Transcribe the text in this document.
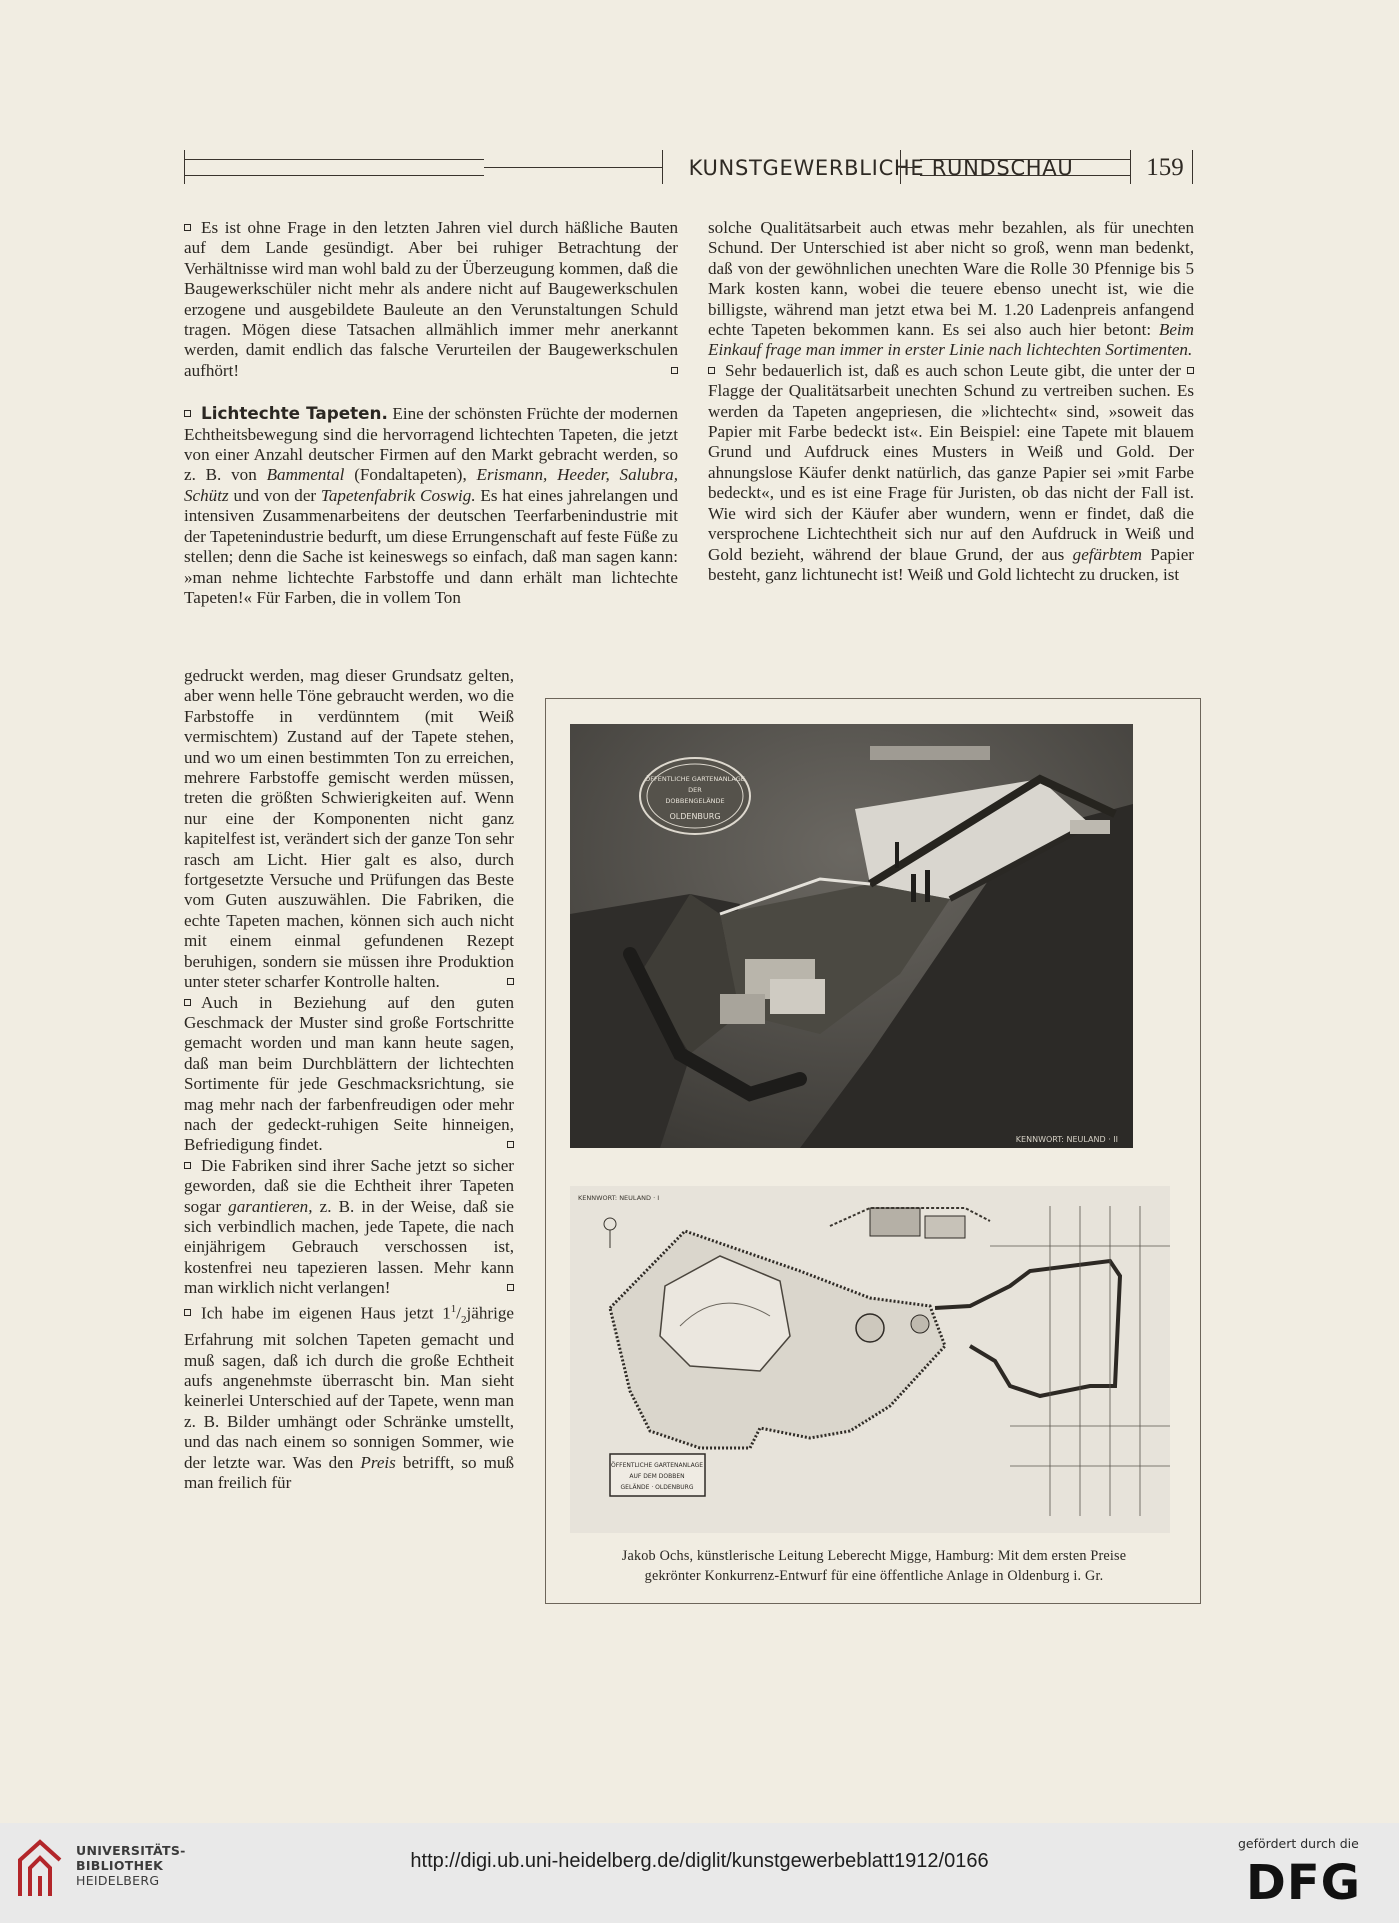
KUNSTGEWERBLICHE RUNDSCHAU	159

Es ist ohne Frage in den letzten Jahren viel durch häßliche Bauten auf dem Lande gesündigt. Aber bei ruhiger Betrachtung der Verhältnisse wird man wohl bald zu der Überzeugung kommen, daß die Baugewerkschüler nicht mehr als andere nicht auf Baugewerkschulen erzogene und ausgebildete Bauleute an den Verunstaltungen Schuld tragen. Mögen diese Tatsachen allmählich immer mehr anerkannt werden, damit endlich das falsche Verurteilen der Baugewerkschulen aufhört!

Lichtechte Tapeten. Eine der schönsten Früchte der modernen Echtheitsbewegung sind die hervorragend lichtechten Tapeten, die jetzt von einer Anzahl deutscher Firmen auf den Markt gebracht werden, so z. B. von Bammental (Fondaltapeten), Erismann, Heeder, Salubra, Schütz und von der Tapetenfabrik Coswig. Es hat eines jahrelangen und intensiven Zusammenarbeitens der deutschen Teerfarbenindustrie mit der Tapetenindustrie bedurft, um diese Errungenschaft auf feste Füße zu stellen; denn die Sache ist keineswegs so einfach, daß man sagen kann: »man nehme lichtechte Farbstoffe und dann erhält man lichtechte Tapeten!« Für Farben, die in vollem Ton

gedruckt werden, mag dieser Grundsatz gelten, aber wenn helle Töne gebraucht werden, wo die Farbstoffe in verdünntem (mit Weiß vermischtem) Zustand auf der Tapete stehen, und wo um einen bestimmten Ton zu erreichen, mehrere Farbstoffe gemischt werden müssen, treten die größten Schwierigkeiten auf. Wenn nur eine der Komponenten nicht ganz kapitelfest ist, verändert sich der ganze Ton sehr rasch am Licht. Hier galt es also, durch fortgesetzte Versuche und Prüfungen das Beste vom Guten auszuwählen. Die Fabriken, die echte Tapeten machen, können sich auch nicht mit einem einmal gefundenen Rezept beruhigen, sondern sie müssen ihre Produktion unter steter scharfer Kontrolle halten.

Auch in Beziehung auf den guten Geschmack der Muster sind große Fortschritte gemacht worden und man kann heute sagen, daß man beim Durchblättern der lichtechten Sortimente für jede Geschmacksrichtung, sie mag mehr nach der farbenfreudigen oder mehr nach der gedeckt-ruhigen Seite hinneigen, Befriedigung findet.

Die Fabriken sind ihrer Sache jetzt so sicher geworden, daß sie die Echtheit ihrer Tapeten sogar garantieren, z. B. in der Weise, daß sie sich verbindlich machen, jede Tapete, die nach einjährigem Gebrauch verschossen ist, kostenfrei neu tapezieren lassen. Mehr kann man wirklich nicht verlangen!

Ich habe im eigenen Haus jetzt $1^1/_2jährige$ Erfahrung mit solchen Tapeten gemacht und muß sagen, daß ich durch die große Echtheit aufs angenehmste überrascht bin. Man sieht keinerlei Unterschied auf der Tapete, wenn man z. B. Bilder umhängt oder Schränke umstellt, und das nach einem so sonnigen Sommer, wie der letzte war. Was den Preis betrifft, so muß man freilich für

solche Qualitätsarbeit auch etwas mehr bezahlen, als für unechten Schund. Der Unterschied ist aber nicht so groß, wenn man bedenkt, daß von der gewöhnlichen unechten Ware die Rolle 30 Pfennige bis 5 Mark kosten kann, wobei die teuere ebenso unecht ist, wie die billigste, während man jetzt etwa bei M. 1.20 Ladenpreis anfangend echte Tapeten bekommen kann. Es sei also auch hier betont: Beim Einkauf frage man immer in erster Linie nach lichtechten Sortimenten.

Sehr bedauerlich ist, daß es auch schon Leute gibt, die unter der Flagge der Qualitätsarbeit unechten Schund zu vertreiben suchen. Es werden da Tapeten angepriesen, die »lichtecht« sind, »soweit das Papier mit Farbe bedeckt ist«. Ein Beispiel: eine Tapete mit blauem Grund und Aufdruck eines Musters in Weiß und Gold. Der ahnungslose Käufer denkt natürlich, das ganze Papier sei »mit Farbe bedeckt«, und es ist eine Frage für Juristen, ob das nicht der Fall ist. Wie wird sich der Käufer aber wundern, wenn er findet, daß die versprochene Lichtechtheit sich nur auf den Aufdruck in Weiß und Gold bezieht, während der blaue Grund, der aus gefärbtem Papier besteht, ganz lichtunecht ist! Weiß und Gold lichtecht zu drucken, ist

ÖFFENTLICHE GARTENANLAGE
DER
DOBBENGELÄNDE
OLDENBURG
KENNWORT: NEULAND · II
KENNWORT: NEULAND · I
ÖFFENTLICHE GARTENANLAGE
AUF DEM DOBBEN
GELÄNDE · OLDENBURG
Jakob Ochs, künstlerische Leitung Leberecht Migge, Hamburg: Mit dem ersten Preise
gekrönter Konkurrenz-Entwurf für eine öffentliche Anlage in Oldenburg i. Gr.
UNIVERSITÄTS-
BIBLIOTHEK
HEIDELBERG
http://digi.ub.uni-heidelberg.de/diglit/kunstgewerbeblatt1912/0166
gefördert durch die
DFG
